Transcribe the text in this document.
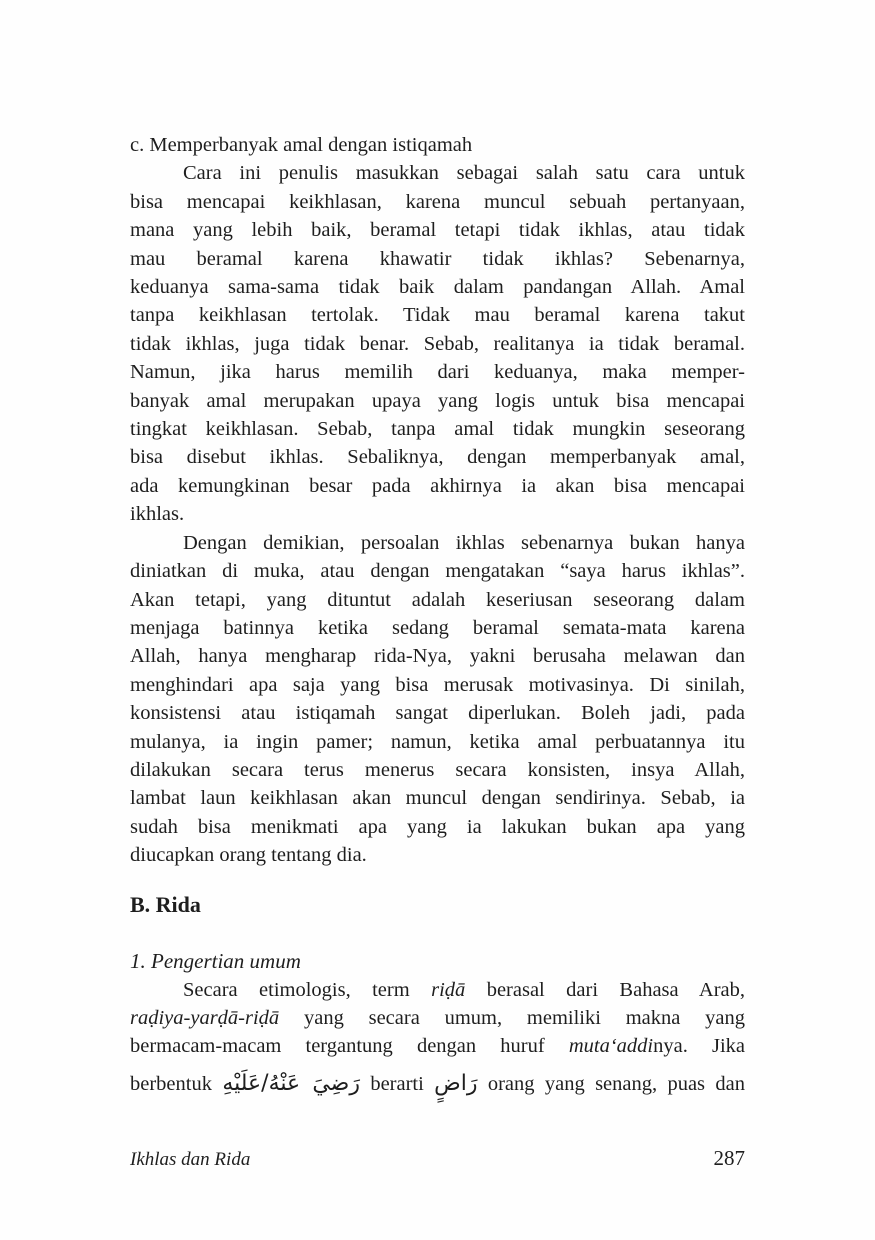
c. Memperbanyak amal dengan istiqamah
Cara ini penulis masukkan sebagai salah satu cara untuk
bisa mencapai keikhlasan, karena muncul sebuah pertanyaan,
mana yang lebih baik, beramal tetapi tidak ikhlas, atau tidak
mau beramal karena khawatir tidak ikhlas? Sebenarnya,
keduanya sama-sama tidak baik dalam pandangan Allah. Amal
tanpa keikhlasan tertolak. Tidak mau beramal karena takut
tidak ikhlas, juga tidak benar. Sebab, realitanya ia tidak beramal.
Namun, jika harus memilih dari keduanya, maka memper-
banyak amal merupakan upaya yang logis untuk bisa mencapai
tingkat keikhlasan. Sebab, tanpa amal tidak mungkin seseorang
bisa disebut ikhlas. Sebaliknya, dengan memperbanyak amal,
ada kemungkinan besar pada akhirnya ia akan bisa mencapai
ikhlas.
Dengan demikian, persoalan ikhlas sebenarnya bukan hanya
diniatkan di muka, atau dengan mengatakan “saya harus ikhlas”.
Akan tetapi, yang dituntut adalah keseriusan seseorang dalam
menjaga batinnya ketika sedang beramal semata-mata karena
Allah, hanya mengharap rida-Nya, yakni berusaha melawan dan
menghindari apa saja yang bisa merusak motivasinya. Di sinilah,
konsistensi atau istiqamah sangat diperlukan. Boleh jadi, pada
mulanya, ia ingin pamer; namun, ketika amal perbuatannya itu
dilakukan secara terus menerus secara konsisten, insya Allah,
lambat laun keikhlasan akan muncul dengan sendirinya. Sebab, ia
sudah bisa menikmati apa yang ia lakukan bukan apa yang
diucapkan orang tentang dia.
B. Rida
1. Pengertian umum
Secara etimologis, term riḍā berasal dari Bahasa Arab,
raḍiya-yarḍā-riḍā yang secara umum, memiliki makna yang
bermacam-macam tergantung dengan huruf mutaʻaddinya. Jika
berbentuk رَضِيَ عَنْهُ/عَلَيْهِ berarti رَاضٍ orang yang senang, puas dan
Ikhlas dan Rida	287
